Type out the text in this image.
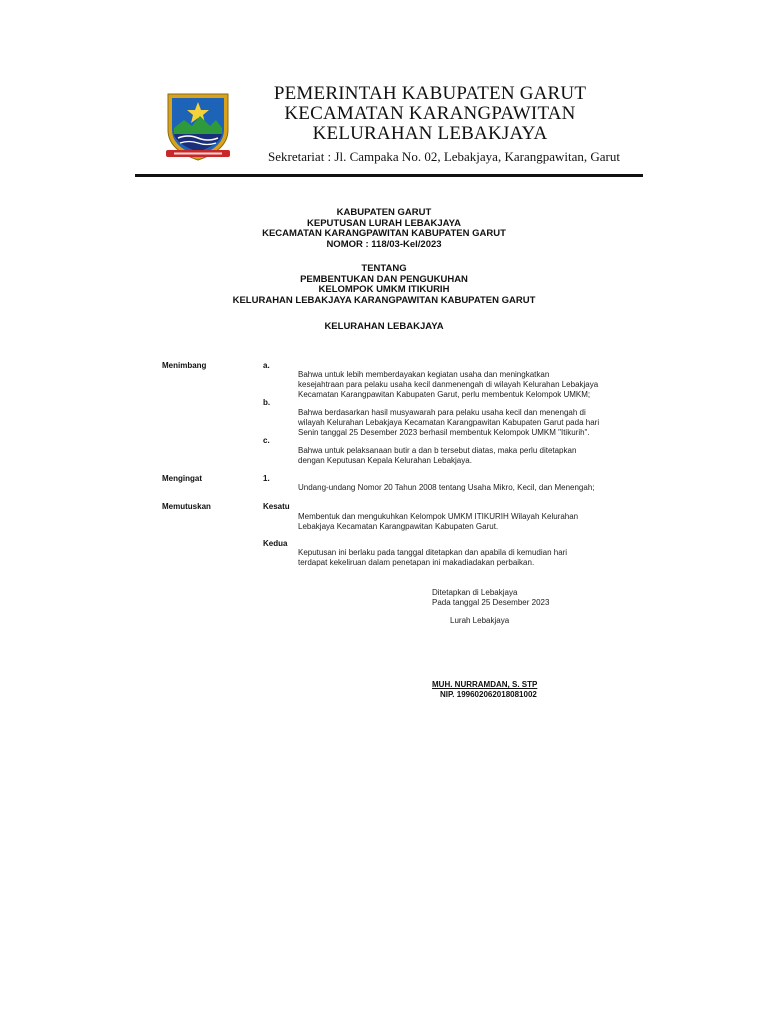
PEMERINTAH KABUPATEN GARUT
KECAMATAN KARANGPAWITAN
KELURAHAN LEBAKJAYA
Sekretariat : Jl. Campaka No. 02, Lebakjaya, Karangpawitan, Garut
KABUPATEN GARUT
KEPUTUSAN LURAH LEBAKJAYA
KECAMATAN KARANGPAWITAN KABUPATEN GARUT
NOMOR : 118/03-Kel/2023
TENTANG
PEMBENTUKAN DAN PENGUKUHAN
KELOMPOK UMKM ITIKURIH
KELURAHAN LEBAKJAYA KARANGPAWITAN KABUPATEN GARUT
KELURAHAN LEBAKJAYA
Menimbang	a.
Bahwa untuk lebih memberdayakan kegiatan usaha dan meningkatkan
kesejahtraan para pelaku usaha kecil danmenengah di wilayah Kelurahan Lebakjaya
Kecamatan Karangpawitan Kabupaten Garut, perlu membentuk Kelompok UMKM;
b.
Bahwa berdasarkan hasil musyawarah para pelaku usaha kecil dan menengah di
wilayah Kelurahan Lebakjaya Kecamatan Karangpawitan Kabupaten Garut pada hari
Senin tanggal 25 Desember 2023 berhasil membentuk Kelompok UMKM "Itikurih".
c.
Bahwa untuk pelaksanaan butir a dan b tersebut diatas, maka perlu ditetapkan
dengan Keputusan Kepala Kelurahan Lebakjaya.
Mengingat	1.
Undang-undang Nomor 20 Tahun 2008 tentang Usaha Mikro, Kecil, dan Menengah;
Memutuskan	Kesatu
Membentuk dan mengukuhkan Kelompok UMKM ITIKURIH Wilayah Kelurahan
Lebakjaya Kecamatan Karangpawitan Kabupaten Garut.
Kedua
Keputusan ini berlaku pada tanggal ditetapkan dan apabila di kemudian hari
terdapat kekeliruan dalam penetapan ini makadiadakan perbaikan.
Ditetapkan di Lebakjaya
Pada tanggal 25 Desember 2023
Lurah Lebakjaya
MUH. NURRAMDAN, S. STP
NIP. 199602062018081002
